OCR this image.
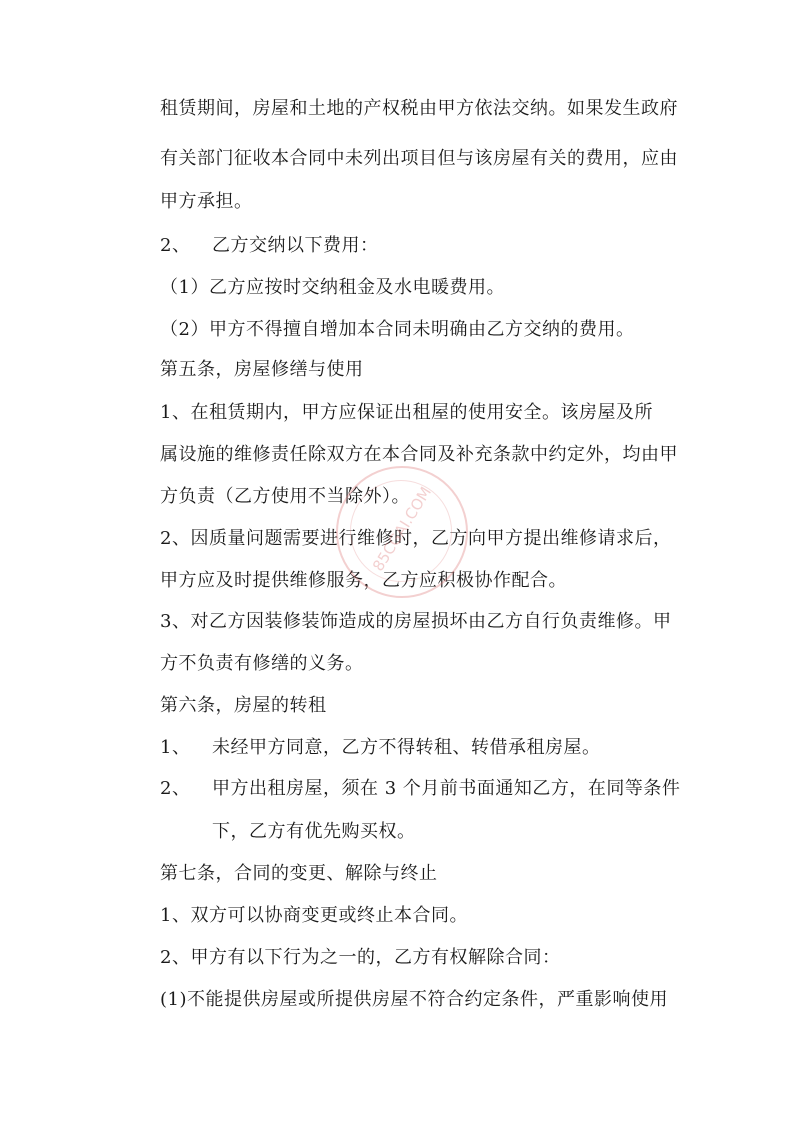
租赁期间，房屋和土地的产权税由甲方依法交纳。如果发生政府
有关部门征收本合同中未列出项目但与该房屋有关的费用，应由
甲方承担。
2、 乙方交纳以下费用：
（1）乙方应按时交纳租金及水电暖费用。
（2）甲方不得擅自增加本合同未明确由乙方交纳的费用。
第五条，房屋修缮与使用
1、在租赁期内，甲方应保证出租屋的使用安全。该房屋及所
属设施的维修责任除双方在本合同及补充条款中约定外，均由甲
方负责（乙方使用不当除外）。
2、因质量问题需要进行维修时，乙方向甲方提出维修请求后，
甲方应及时提供维修服务，乙方应积极协作配合。
3、对乙方因装修装饰造成的房屋损坏由乙方自行负责维修。甲
方不负责有修缮的义务。
第六条，房屋的转租
1、 未经甲方同意，乙方不得转租、转借承租房屋。
2、 甲方出租房屋，须在 3 个月前书面通知乙方，在同等条件
下，乙方有优先购买权。
第七条，合同的变更、解除与终止
1、双方可以协商变更或终止本合同。
2、甲方有以下行为之一的，乙方有权解除合同：
(1)不能提供房屋或所提供房屋不符合约定条件，严重影响使用
85CGAI.COM
